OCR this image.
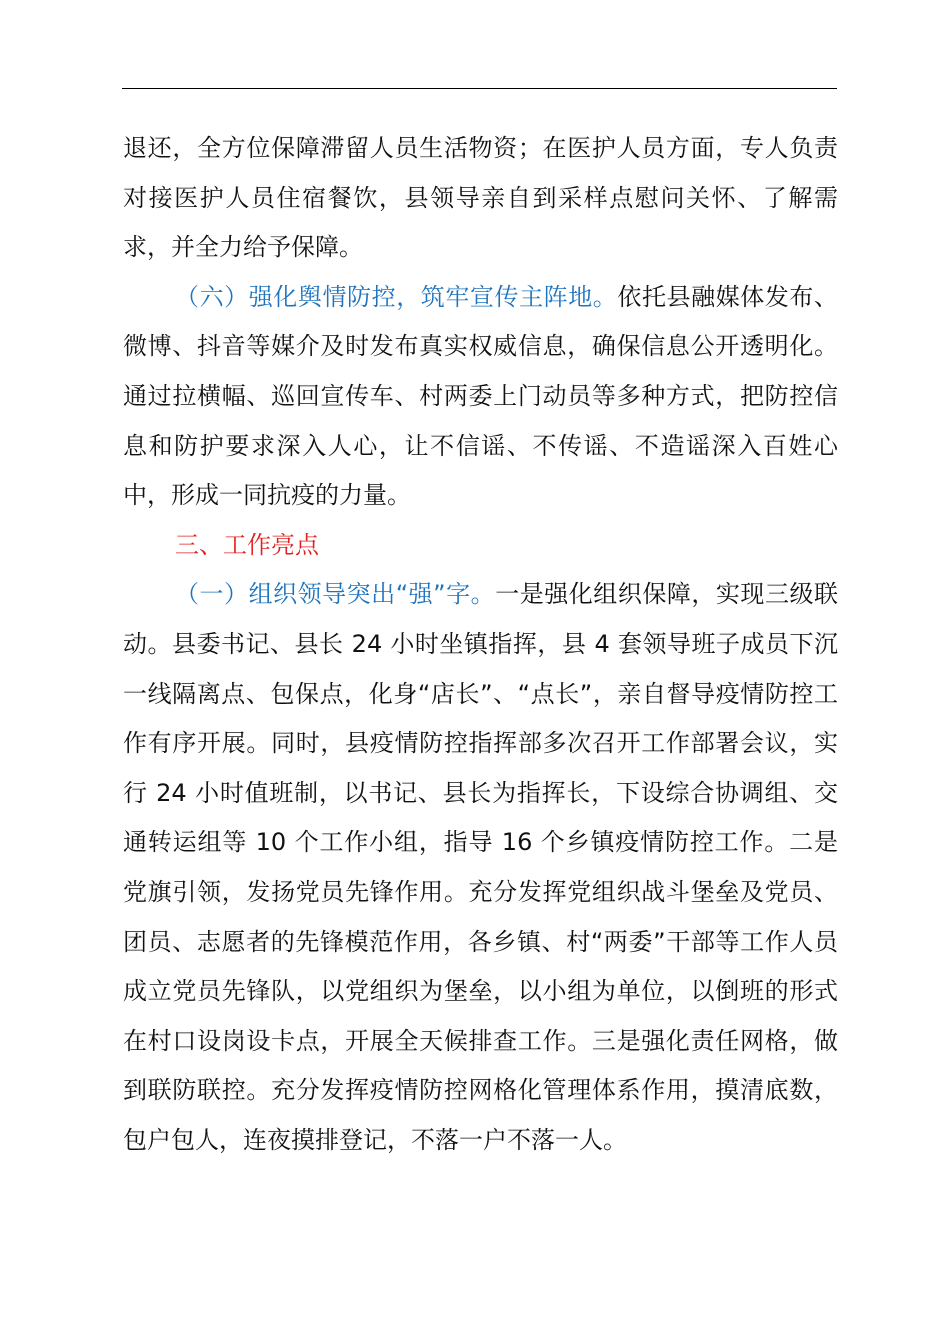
退还，全方位保障滞留人员生活物资；在医护人员方面，专人负责对接医护人员住宿餐饮，县领导亲自到采样点慰问关怀、了解需求，并全力给予保障。

（六）强化舆情防控，筑牢宣传主阵地。依托县融媒体发布、微博、抖音等媒介及时发布真实权威信息，确保信息公开透明化。通过拉横幅、巡回宣传车、村两委上门动员等多种方式，把防控信息和防护要求深入人心，让不信谣、不传谣、不造谣深入百姓心中，形成一同抗疫的力量。

三、工作亮点

（一）组织领导突出“强”字。一是强化组织保障，实现三级联动。县委书记、县长 24 小时坐镇指挥，县 4 套领导班子成员下沉一线隔离点、包保点，化身“店长”、“点长”，亲自督导疫情防控工作有序开展。同时，县疫情防控指挥部多次召开工作部署会议，实行 24 小时值班制，以书记、县长为指挥长，下设综合协调组、交通转运组等 10 个工作小组，指导 16 个乡镇疫情防控工作。二是党旗引领，发扬党员先锋作用。充分发挥党组织战斗堡垒及党员、团员、志愿者的先锋模范作用，各乡镇、村“两委”干部等工作人员成立党员先锋队，以党组织为堡垒，以小组为单位，以倒班的形式在村口设岗设卡点，开展全天候排查工作。三是强化责任网格，做到联防联控。充分发挥疫情防控网格化管理体系作用，摸清底数，包户包人，连夜摸排登记，不落一户不落一人。
